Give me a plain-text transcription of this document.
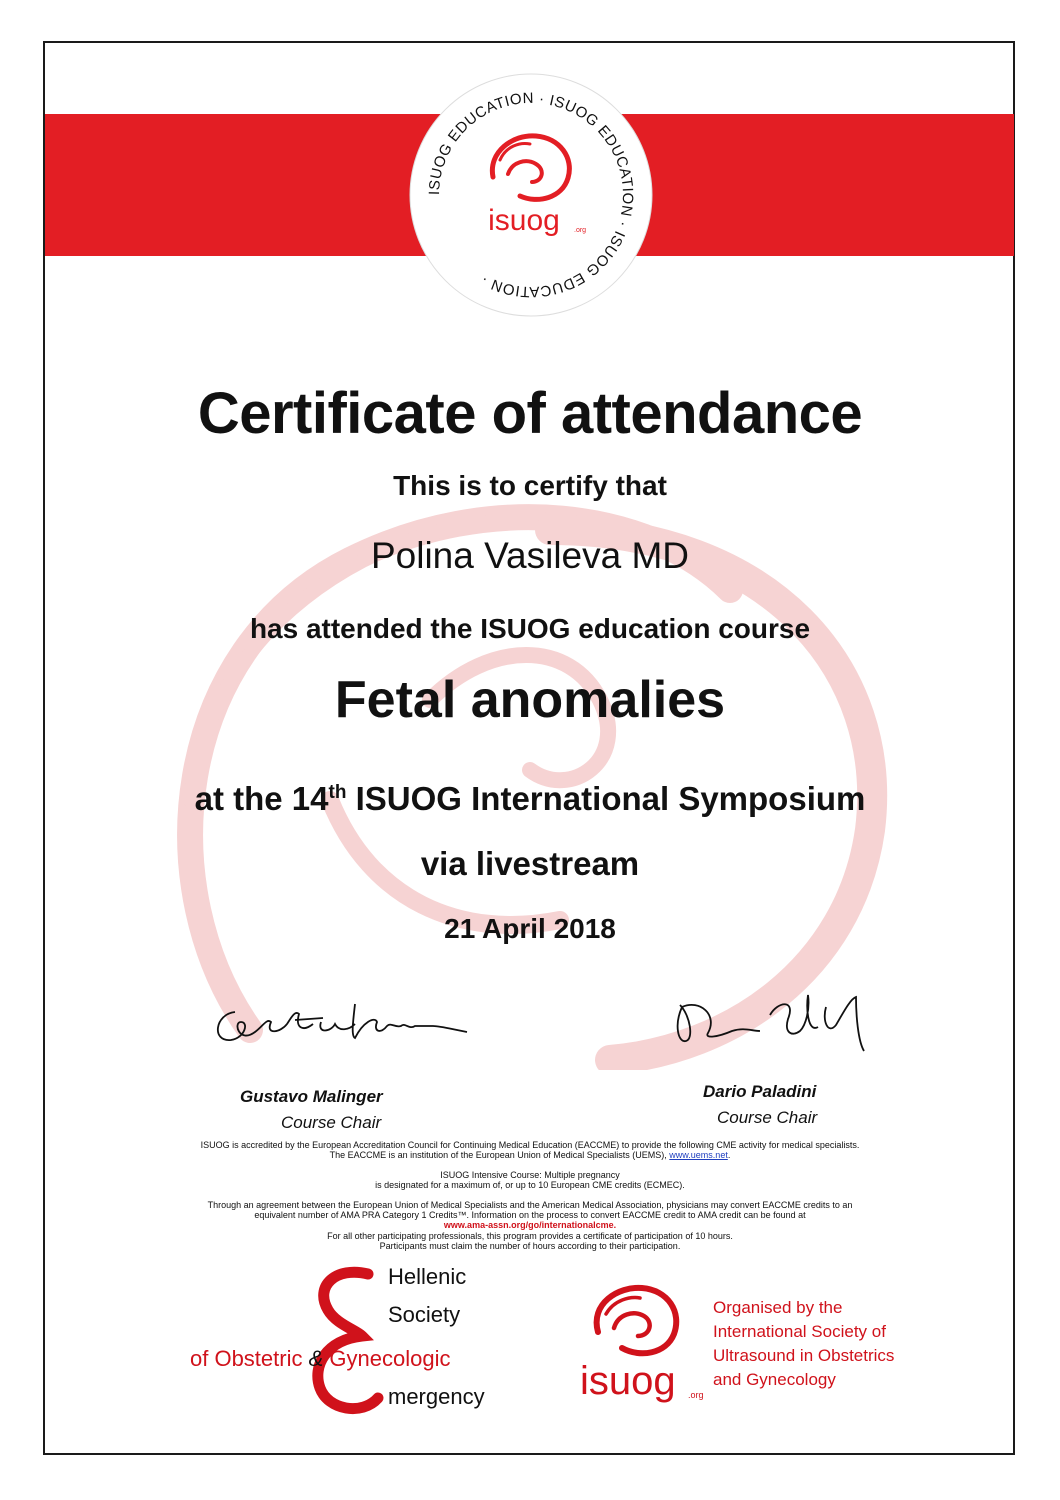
ISUOG EDUCATION · ISUOG EDUCATION · ISUOG EDUCATION ·
isuog .org
Certificate of attendance
This is to certify that
Polina Vasileva MD
has attended the ISUOG education course
Fetal anomalies
at the 14th ISUOG International Symposium
via livestream
21 April 2018
Gustavo Malinger
Course Chair
Dario Paladini
Course Chair
ISUOG is accredited by the European Accreditation Council for Continuing Medical Education (EACCME) to provide the following CME activity for medical specialists.
The EACCME is an institution of the European Union of Medical Specialists (UEMS), www.uems.net.
ISUOG Intensive Course: Multiple pregnancy
is designated for a maximum of, or up to 10 European CME credits (ECMEC).
Through an agreement between the European Union of Medical Specialists and the American Medical Association, physicians may convert EACCME credits to an
equivalent number of AMA PRA Category 1 Credits™. Information on the process to convert EACCME credit to AMA credit can be found at
www.ama-assn.org/go/internationalcme.
For all other participating professionals, this program provides a certificate of participation of 10 hours.
Participants must claim the number of hours according to their participation.
Hellenic
Society
of Obstetric & Gynecologic
mergency isuog .org
Organised by the
International Society of
Ultrasound in Obstetrics
and Gynecology
